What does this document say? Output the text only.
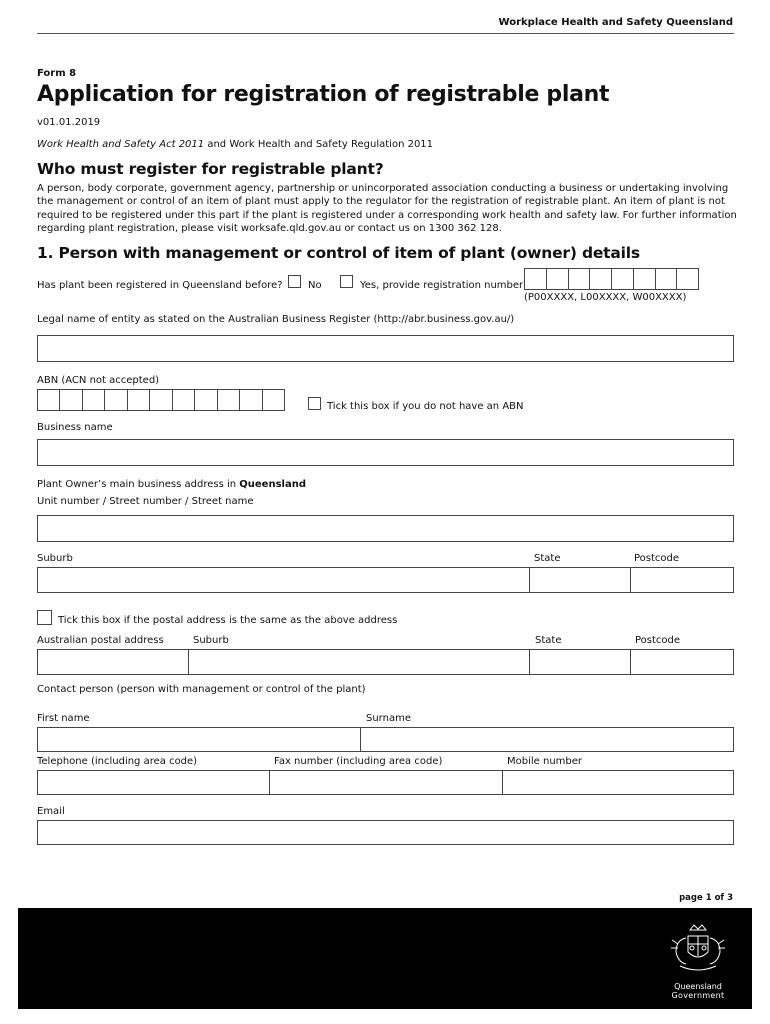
Workplace Health and Safety Queensland
Form 8
Application for registration of registrable plant
v01.01.2019
Work Health and Safety Act 2011 and Work Health and Safety Regulation 2011
Who must register for registrable plant?
A person, body corporate, government agency, partnership or unincorporated association conducting a business or undertaking involving the management or control of an item of plant must apply to the regulator for the registration of registrable plant. An item of plant is not required to be registered under this part if the plant is registered under a corresponding work health and safety law. For further information regarding plant registration, please visit worksafe.qld.gov.au or contact us on 1300 362 128.
1. Person with management or control of item of plant (owner) details
Has plant been registered in Queensland before?	No	Yes, provide registration number
(P00XXXX, L00XXXX, W00XXXX)
Legal name of entity as stated on the Australian Business Register (http://abr.business.gov.au/)
ABN (ACN not accepted)
Tick this box if you do not have an ABN
Business name
Plant Owner’s main business address in Queensland
Unit number / Street number / Street name
Suburb	State	Postcode
Tick this box if the postal address is the same as the above address
Australian postal address	Suburb	State	Postcode
Contact person (person with management or control of the plant)
First name	Surname
Telephone (including area code)	Fax number (including area code)	Mobile number
Email
page 1 of 3
Queensland
Government
